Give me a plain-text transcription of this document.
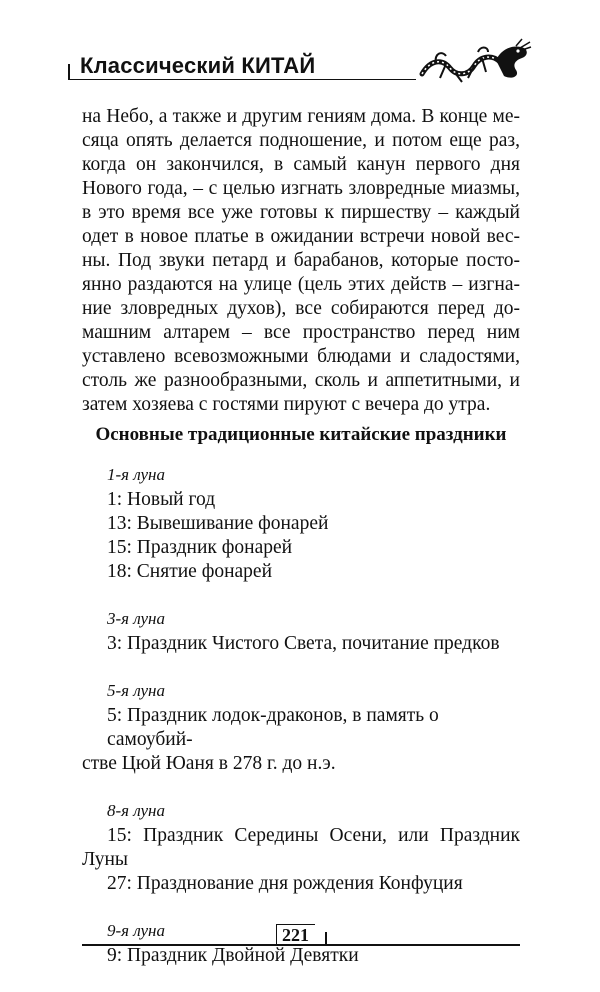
Классический КИТАЙ
на Небо, а также и другим гениям дома. В конце ме-
сяца опять делается подношение, и потом еще раз,
когда он закончился, в самый канун первого дня
Нового года, – с целью изгнать зловредные миазмы,
в это время все уже готовы к пиршеству – каждый
одет в новое платье в ожидании встречи новой вес-
ны. Под звуки петард и барабанов, которые посто-
янно раздаются на улице (цель этих действ – изгна-
ние зловредных духов), все собираются перед до-
машним алтарем – все пространство перед ним
уставлено всевозможными блюдами и сладостями,
столь же разнообразными, сколь и аппетитными, и
затем хозяева с гостями пируют с вечера до утра.
Основные традиционные китайские праздники

1-я луна

1: Новый год

13: Вывешивание фонарей

15: Праздник фонарей

18: Снятие фонарей

3-я луна

3: Праздник Чистого Света, почитание предков

5-я луна

5: Праздник лодок-драконов, в память о самоубий-

стве Цюй Юаня в 278 г. до н.э.

8-я луна

15: Праздник Середины Осени, или Праздник

Луны

27: Празднование дня рождения Конфуция

9-я луна

9: Праздник Двойной Девятки

221
